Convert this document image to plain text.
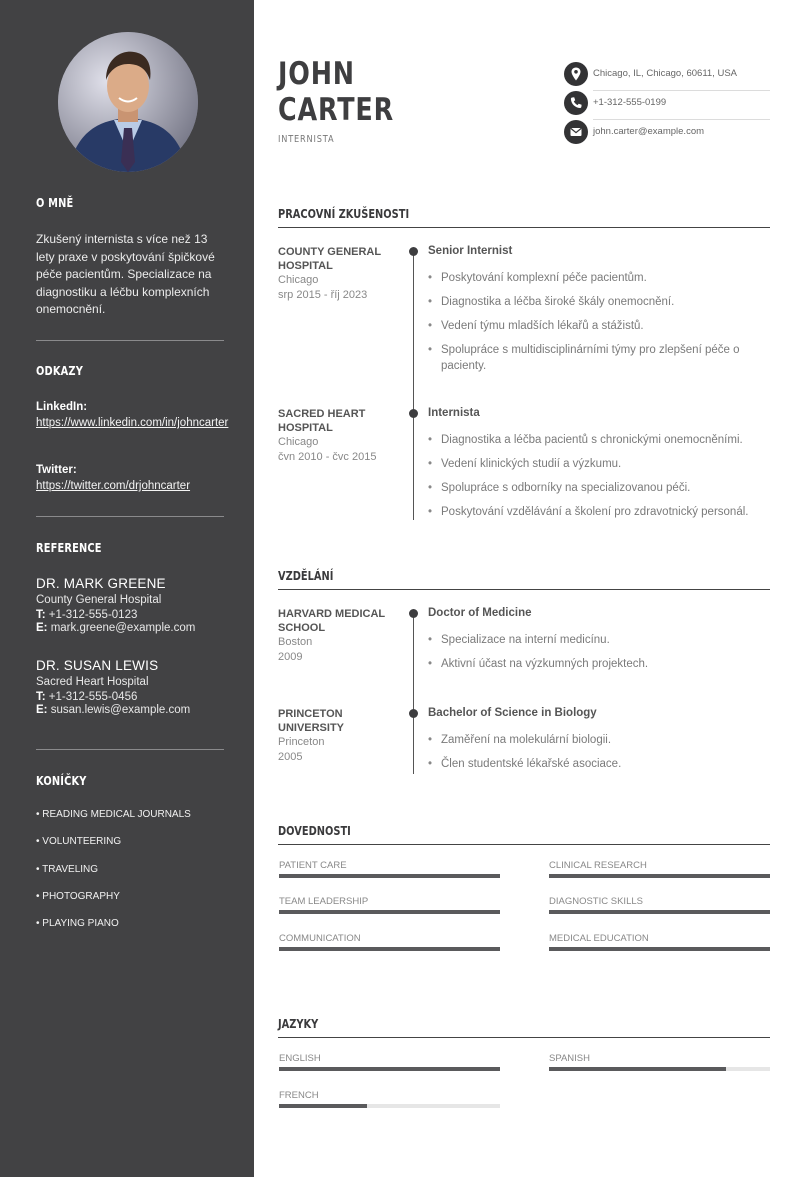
O MNĚ
Zkušený internista s více než 13 lety praxe v poskytování špičkové péče pacientům. Specializace na diagnostiku a léčbu komplexních onemocnění.
ODKAZY
LinkedIn:
https://www.linkedin.com/in/johncarter
Twitter:
https://twitter.com/drjohncarter
REFERENCE
DR. MARK GREENE
County General Hospital
T: +1-312-555-0123
E: mark.greene@example.com
DR. SUSAN LEWIS
Sacred Heart Hospital
T: +1-312-555-0456
E: susan.lewis@example.com
KONÍČKY
• READING MEDICAL JOURNALS
• VOLUNTEERING
• TRAVELING
• PHOTOGRAPHY
• PLAYING PIANO
JOHN
CARTER
INTERNISTA
Chicago, IL, Chicago, 60611, USA
+1-312-555-0199
john.carter@example.com
PRACOVNÍ ZKUŠENOSTI
COUNTY GENERAL HOSPITAL
Chicago
srp 2015 - říj 2023
Senior Internist
• Poskytování komplexní péče pacientům.
• Diagnostika a léčba široké škály onemocnění.
• Vedení týmu mladších lékařů a stážistů.
• Spolupráce s multidisciplinárními týmy pro zlepšení péče o pacienty.
SACRED HEART HOSPITAL
Chicago
čvn 2010 - čvc 2015
Internista
• Diagnostika a léčba pacientů s chronickými onemocněními.
• Vedení klinických studií a výzkumu.
• Spolupráce s odborníky na specializovanou péči.
• Poskytování vzdělávání a školení pro zdravotnický personál.
VZDĚLÁNÍ
HARVARD MEDICAL SCHOOL
Boston
2009
Doctor of Medicine
• Specializace na interní medicínu.
• Aktivní účast na výzkumných projektech.
PRINCETON UNIVERSITY
Princeton
2005
Bachelor of Science in Biology
• Zaměření na molekulární biologii.
• Člen studentské lékařské asociace.
DOVEDNOSTI
PATIENT CARE	CLINICAL RESEARCH
TEAM LEADERSHIP	DIAGNOSTIC SKILLS
COMMUNICATION	MEDICAL EDUCATION
JAZYKY
ENGLISH	SPANISH
FRENCH
